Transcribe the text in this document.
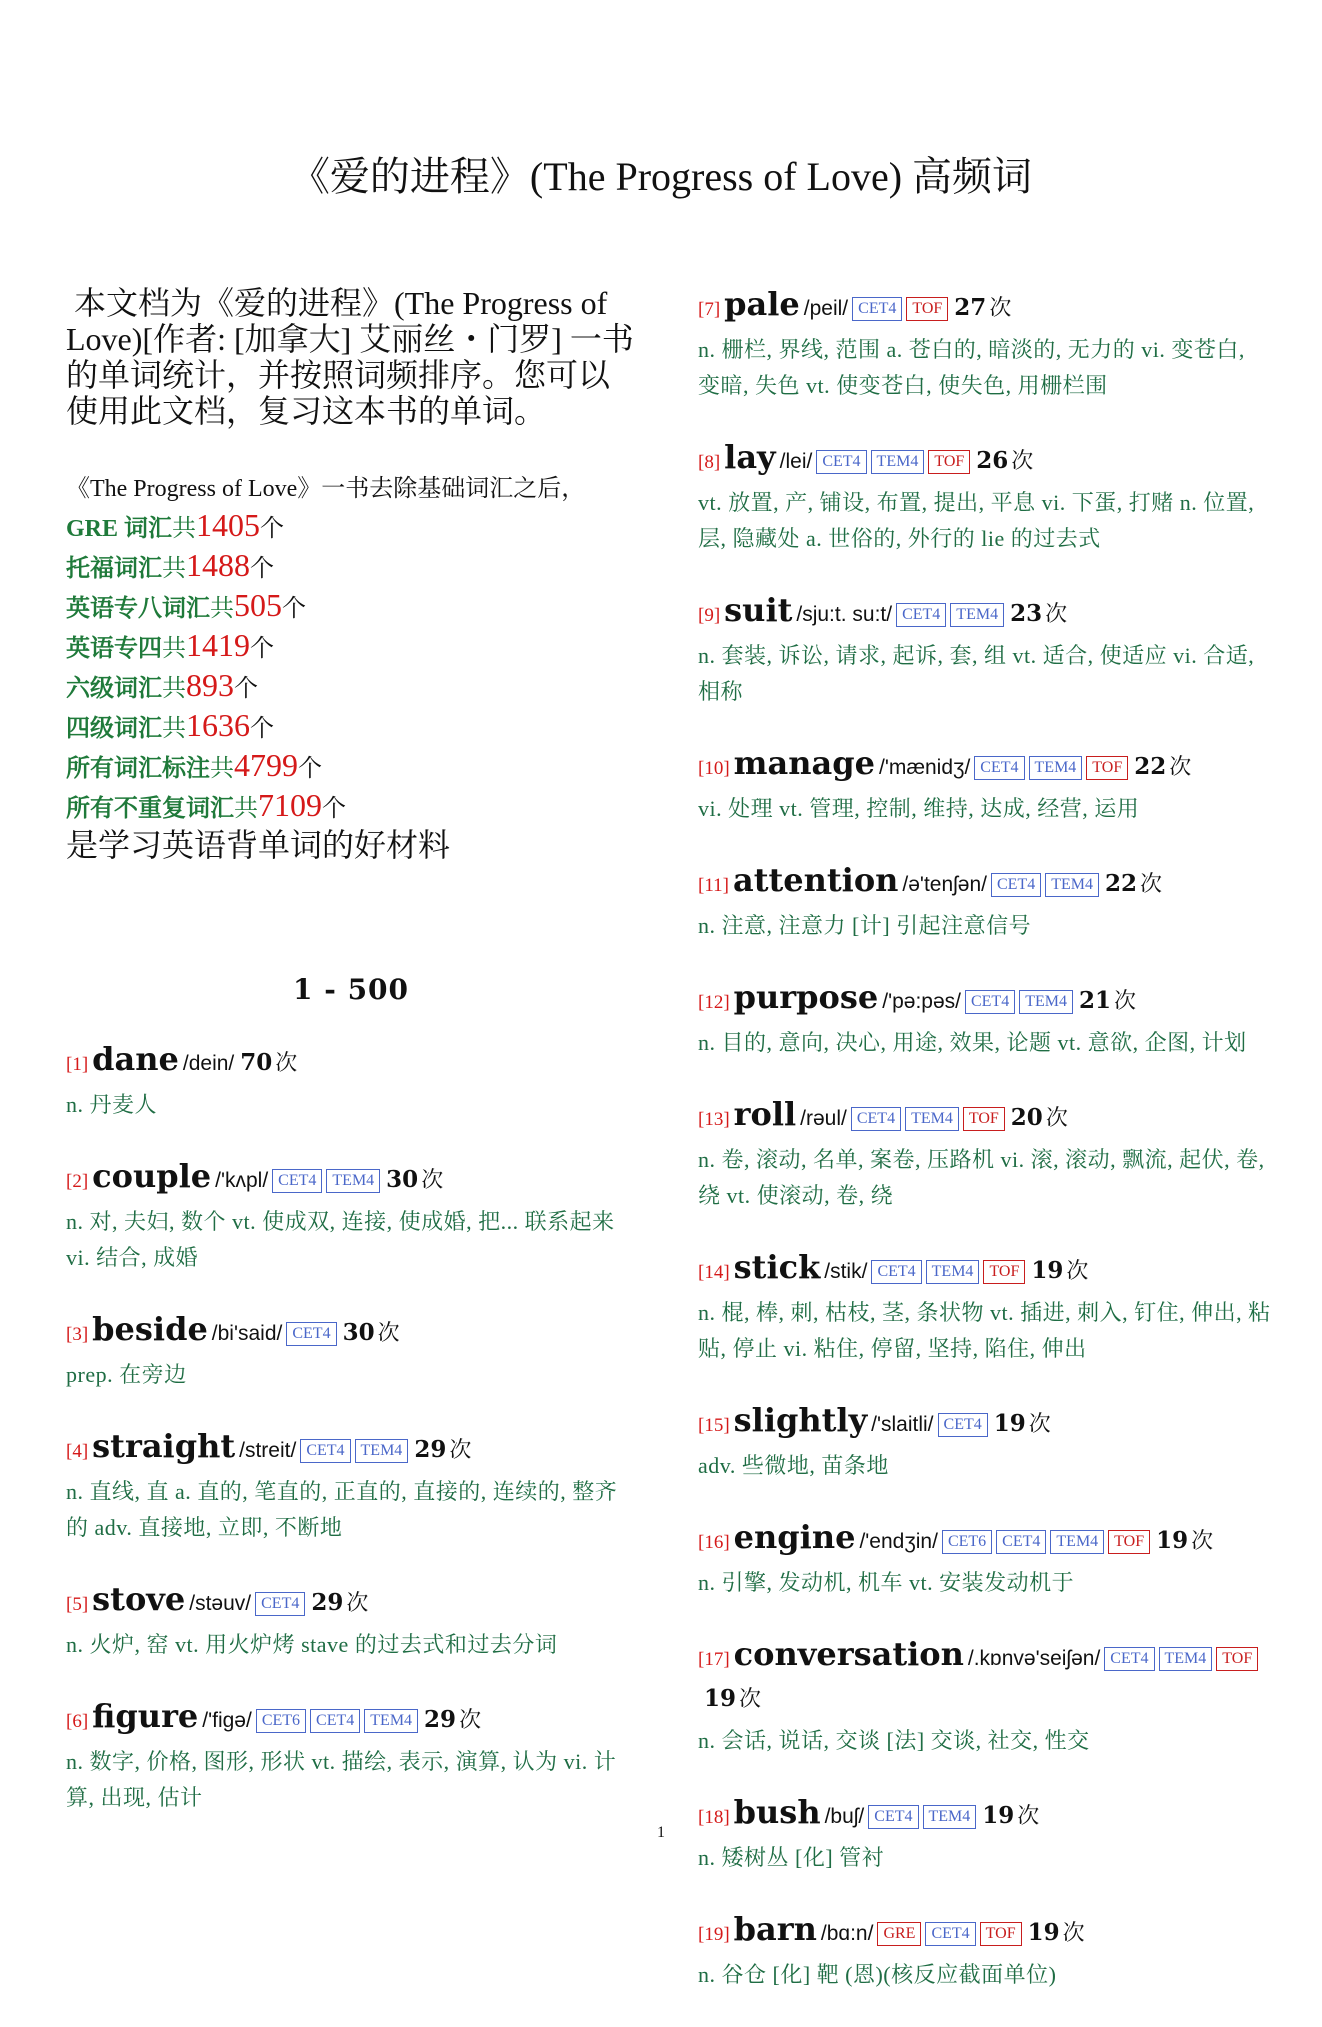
《爱的进程》(The Progress of Love) 高频词
本文档为《爱的进程》(The Progress of Love)[作者: [加拿大] 艾丽丝・门罗] 一书的单词统计，并按照词频排序。您可以使用此文档，复习这本书的单词。
《The Progress of Love》一书去除基础词汇之后，
GRE 词汇共1405个
托福词汇共1488个
英语专八词汇共505个
英语专四共1419个
六级词汇共893个
四级词汇共1636个
所有词汇标注共4799个
所有不重复词汇共7109个
是学习英语背单词的好材料
1 - 500
[1] dane /dein/ 70 次
n. 丹麦人
[2] couple /'kʌpl/ CET4 TEM4 30 次
n. 对, 夫妇, 数个 vt. 使成双, 连接, 使成婚, 把... 联系起来 vi. 结合, 成婚
[3] beside /bi'said/ CET4 30 次
prep. 在旁边
[4] straight /streit/ CET4 TEM4 29 次
n. 直线, 直 a. 直的, 笔直的, 正直的, 直接的, 连续的, 整齐的 adv. 直接地, 立即, 不断地
[5] stove /stəuv/ CET4 29 次
n. 火炉, 窑 vt. 用火炉烤 stave 的过去式和过去分词
[6] figure /'figə/ CET6 CET4 TEM4 29 次
n. 数字, 价格, 图形, 形状 vt. 描绘, 表示, 演算, 认为 vi. 计算, 出现, 估计
[7] pale /peil/ CET4 TOF 27 次
n. 栅栏, 界线, 范围 a. 苍白的, 暗淡的, 无力的 vi. 变苍白, 变暗, 失色 vt. 使变苍白, 使失色, 用栅栏围
[8] lay /lei/ CET4 TEM4 TOF 26 次
vt. 放置, 产, 铺设, 布置, 提出, 平息 vi. 下蛋, 打赌 n. 位置, 层, 隐藏处 a. 世俗的, 外行的 lie 的过去式
[9] suit /sju:t. su:t/ CET4 TEM4 23 次
n. 套装, 诉讼, 请求, 起诉, 套, 组 vt. 适合, 使适应 vi. 合适, 相称
[10] manage /'mænidʒ/ CET4 TEM4 TOF 22 次
vi. 处理 vt. 管理, 控制, 维持, 达成, 经营, 运用
[11] attention /ə'tenʃən/ CET4 TEM4 22 次
n. 注意, 注意力 [计] 引起注意信号
[12] purpose /'pə:pəs/ CET4 TEM4 21 次
n. 目的, 意向, 决心, 用途, 效果, 论题 vt. 意欲, 企图, 计划
[13] roll /rəul/ CET4 TEM4 TOF 20 次
n. 卷, 滚动, 名单, 案卷, 压路机 vi. 滚, 滚动, 飘流, 起伏, 卷, 绕 vt. 使滚动, 卷, 绕
[14] stick /stik/ CET4 TEM4 TOF 19 次
n. 棍, 棒, 刺, 枯枝, 茎, 条状物 vt. 插进, 刺入, 钉住, 伸出, 粘贴, 停止 vi. 粘住, 停留, 坚持, 陷住, 伸出
[15] slightly /'slaitli/ CET4 19 次
adv. 些微地, 苗条地
[16] engine /'endʒin/ CET6 CET4 TEM4 TOF 19 次
n. 引擎, 发动机, 机车 vt. 安装发动机于
[17] conversation /.kɒnvə'seiʃən/ CET4 TEM4 TOF19 次
n. 会话, 说话, 交谈 [法] 交谈, 社交, 性交
[18] bush /buʃ/ CET4 TEM4 19 次
n. 矮树丛 [化] 管衬
[19] barn /bɑ:n/ GRE CET4 TOF 19 次
n. 谷仓 [化] 靶 (恩)(核反应截面单位)
1
